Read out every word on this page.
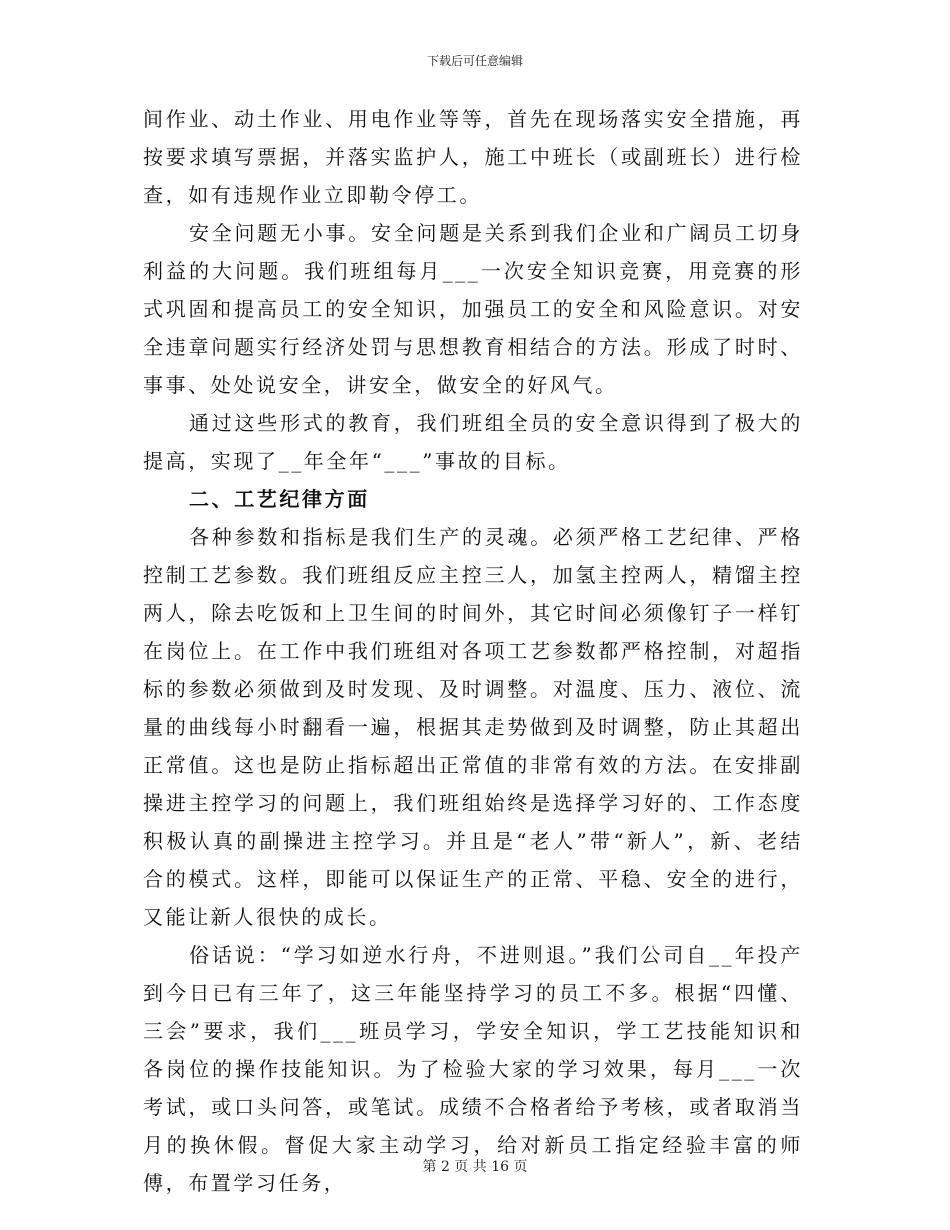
下载后可任意编辑

间作业、动土作业、用电作业等等，首先在现场落实安全措施，再按要求填写票据，并落实监护人，施工中班长（或副班长）进行检查，如有违规作业立即勒令停工。

安全问题无小事。安全问题是关系到我们企业和广阔员工切身利益的大问题。我们班组每月___一次安全知识竞赛，用竞赛的形式巩固和提高员工的安全知识，加强员工的安全和风险意识。对安全违章问题实行经济处罚与思想教育相结合的方法。形成了时时、事事、处处说安全，讲安全，做安全的好风气。

通过这些形式的教育，我们班组全员的安全意识得到了极大的提高，实现了__年全年“___”事故的目标。

二、工艺纪律方面

各种参数和指标是我们生产的灵魂。必须严格工艺纪律、严格控制工艺参数。我们班组反应主控三人，加氢主控两人，精馏主控两人，除去吃饭和上卫生间的时间外，其它时间必须像钉子一样钉在岗位上。在工作中我们班组对各项工艺参数都严格控制，对超指标的参数必须做到及时发现、及时调整。对温度、压力、液位、流量的曲线每小时翻看一遍，根据其走势做到及时调整，防止其超出正常值。这也是防止指标超出正常值的非常有效的方法。在安排副操进主控学习的问题上，我们班组始终是选择学习好的、工作态度积极认真的副操进主控学习。并且是“老人”带“新人”，新、老结合的模式。这样，即能可以保证生产的正常、平稳、安全的进行，又能让新人很快的成长。

俗话说：“学习如逆水行舟，不进则退。”我们公司自__年投产到今日已有三年了，这三年能坚持学习的员工不多。根据“四懂、三会”要求，我们___班员学习，学安全知识，学工艺技能知识和各岗位的操作技能知识。为了检验大家的学习效果，每月___一次考试，或口头问答，或笔试。成绩不合格者给予考核，或者取消当月的换休假。督促大家主动学习，给对新员工指定经验丰富的师傅，布置学习任务，

第 2 页 共 16 页
